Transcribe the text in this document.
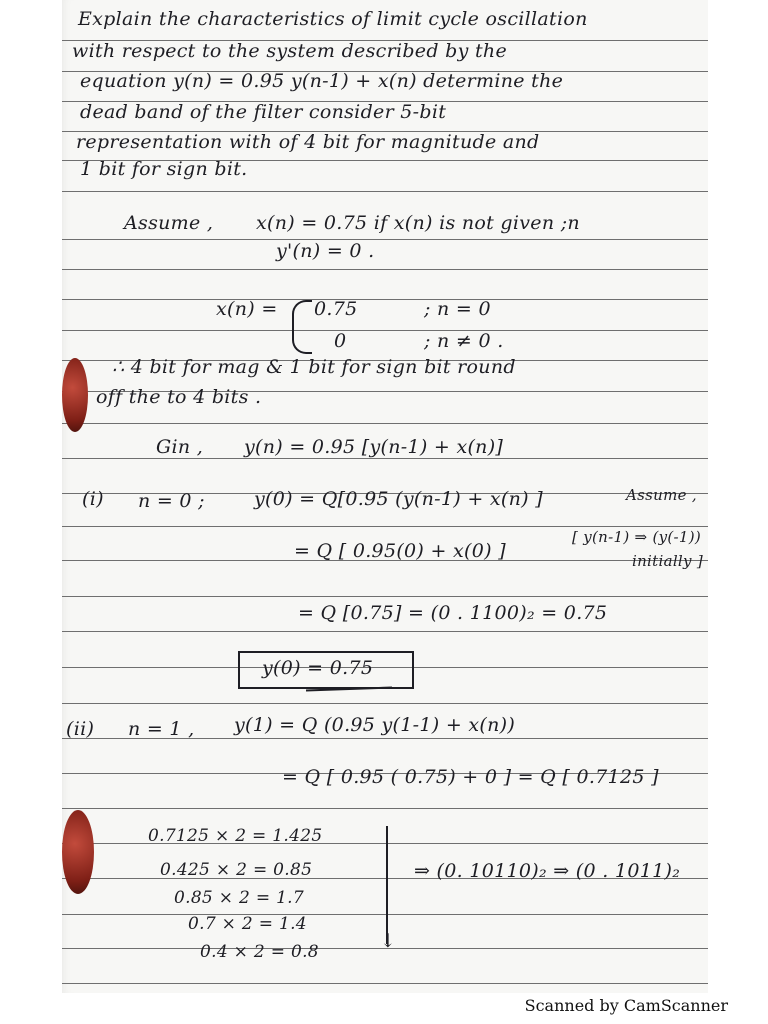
Explain the characteristics of limit cycle oscillation
with respect to the system described by the
equation y(n) = 0.95 y(n-1) + x(n) determine the
dead band of the filter consider 5-bit
representation with of 4 bit for magnitude and
1 bit for sign bit.
Assume , x(n) = 0.75 if x(n) is not given ;n
y'(n) = 0 .
x(n) = 0.75	; n = 0
0	; n ≠ 0 .
∴ 4 bit for mag & 1 bit for sign bit round
off the to 4 bits .
Gin , y(n) = 0.95 [y(n-1) + x(n)]
(i) n = 0 ;	y(0) = Q[0.95 (y(n-1) + x(n) ]	Assume ,
[ y(n-1) ⇒ (y(-1))
initially ]
= Q [ 0.95(0) + x(0) ]
= Q [0.75] = (0 . 1100)₂ = 0.75
y(0) = 0.75
(ii) n = 1 , y(1) = Q (0.95 y(1-1) + x(n))
= Q [ 0.95 ( 0.75) + 0 ] = Q [ 0.7125 ]
0.7125 × 2 = 1.425
0.425 × 2 = 0.85
0.85 × 2 = 1.7
0.7 × 2 = 1.4
0.4 × 2 = 0.8	↓
⇒ (0. 10110)₂ ⇒ (0 . 1011)₂
Scanned by CamScanner
